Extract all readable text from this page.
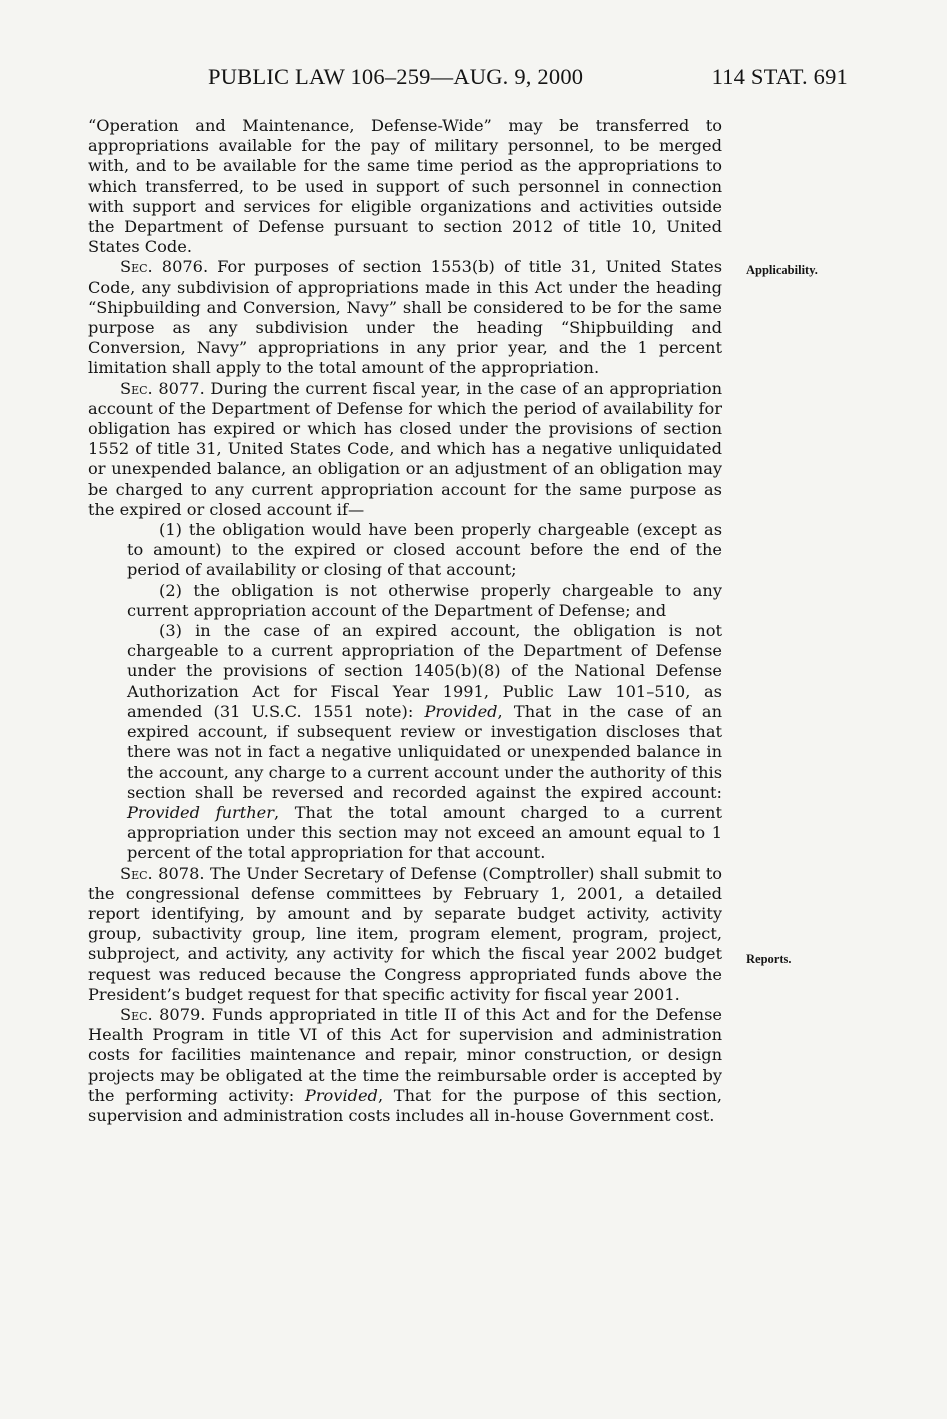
PUBLIC LAW 106–259—AUG. 9, 2000	114 STAT. 691

“Operation and Maintenance, Defense-Wide” may be transferred to appropriations available for the pay of military personnel, to be merged with, and to be available for the same time period as the appropriations to which transferred, to be used in support of such personnel in connection with support and services for eligible organizations and activities outside the Department of Defense pursuant to section 2012 of title 10, United States Code.

Sec. 8076. For purposes of section 1553(b) of title 31, United States Code, any subdivision of appropriations made in this Act under the heading “Shipbuilding and Conversion, Navy” shall be considered to be for the same purpose as any subdivision under the heading “Shipbuilding and Conversion, Navy” appropriations in any prior year, and the 1 percent limitation shall apply to the total amount of the appropriation.

Sec. 8077. During the current fiscal year, in the case of an appropriation account of the Department of Defense for which the period of availability for obligation has expired or which has closed under the provisions of section 1552 of title 31, United States Code, and which has a negative unliquidated or unexpended balance, an obligation or an adjustment of an obligation may be charged to any current appropriation account for the same purpose as the expired or closed account if—

(1) the obligation would have been properly chargeable (except as to amount) to the expired or closed account before the end of the period of availability or closing of that account;

(2) the obligation is not otherwise properly chargeable to any current appropriation account of the Department of Defense; and

(3) in the case of an expired account, the obligation is not chargeable to a current appropriation of the Department of Defense under the provisions of section 1405(b)(8) of the National Defense Authorization Act for Fiscal Year 1991, Public Law 101–510, as amended (31 U.S.C. 1551 note): Provided, That in the case of an expired account, if subsequent review or investigation discloses that there was not in fact a negative unliquidated or unexpended balance in the account, any charge to a current account under the authority of this section shall be reversed and recorded against the expired account: Provided further, That the total amount charged to a current appropriation under this section may not exceed an amount equal to 1 percent of the total appropriation for that account.

Sec. 8078. The Under Secretary of Defense (Comptroller) shall submit to the congressional defense committees by February 1, 2001, a detailed report identifying, by amount and by separate budget activity, activity group, subactivity group, line item, program element, program, project, subproject, and activity, any activity for which the fiscal year 2002 budget request was reduced because the Congress appropriated funds above the President’s budget request for that specific activity for fiscal year 2001.

Sec. 8079. Funds appropriated in title II of this Act and for the Defense Health Program in title VI of this Act for supervision and administration costs for facilities maintenance and repair, minor construction, or design projects may be obligated at the time the reimbursable order is accepted by the performing activity: Provided, That for the purpose of this section, supervision and administration costs includes all in-house Government cost.

Applicability.
Reports.
